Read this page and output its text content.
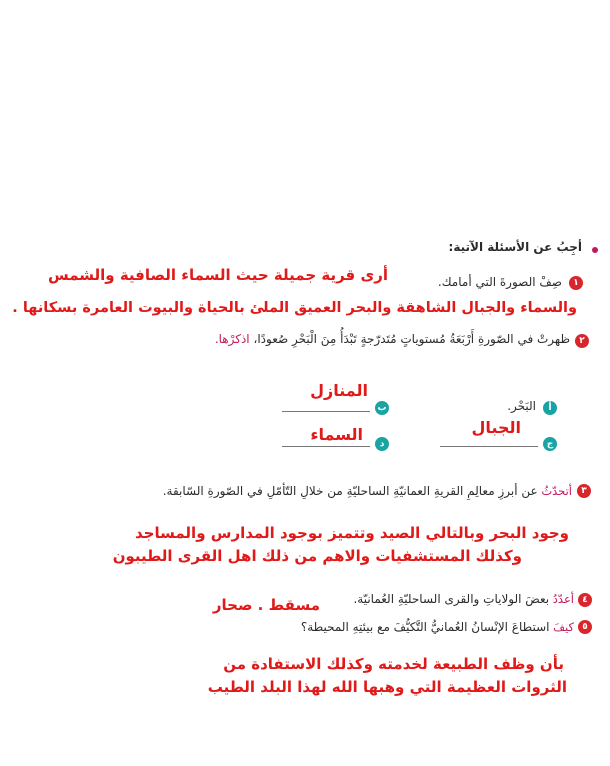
أجِبُ عن الأسئلة الآتية:
١
صِفْ الصورةَ التي أمامك.
أرى قرية جميلة حيث السماء الصافية والشمس
والسماء والجبال الشاهقة والبحر العميق الملئ بالحياة والبيوت العامرة بسكانها .
٢
ظهرتْ في الصّورةِ أَرْبَعَةُ مُستوياتٍ مُتَدرّجةٍ تَبْدَأُ مِنَ الْبَحْرِ صُعودًا، اذكرْها.
أ
البَحْر.
ب
المنازل
ج
الجبال
د
السماء
٣
أتحدّثُ عن أبرزِ معالِمِ القريةِ العمانيّةِ الساحليّةِ من خلالِ التّأمّلِ في الصّورةِ السّابقة.
وجود البحر وبالتالي الصيد وتتميز بوجود المدارس والمساجد
وكذلك المستشفيات والاهم من ذلك اهل القرى الطيبون
٤
أعدّدُ بعضَ الولاياتِ والقرى الساحليّةِ العُمانيّة.
مسقط . صحار
٥
كيفَ استطاعَ الإنْسانُ العُمانيُّ التَّكيُّفَ مع بيئتِهِ المحيطة؟
بأن وظف الطبيعة لخدمته وكذلك الاستفادة من
الثروات العظيمة التي وهبها الله لهذا البلد الطيب
